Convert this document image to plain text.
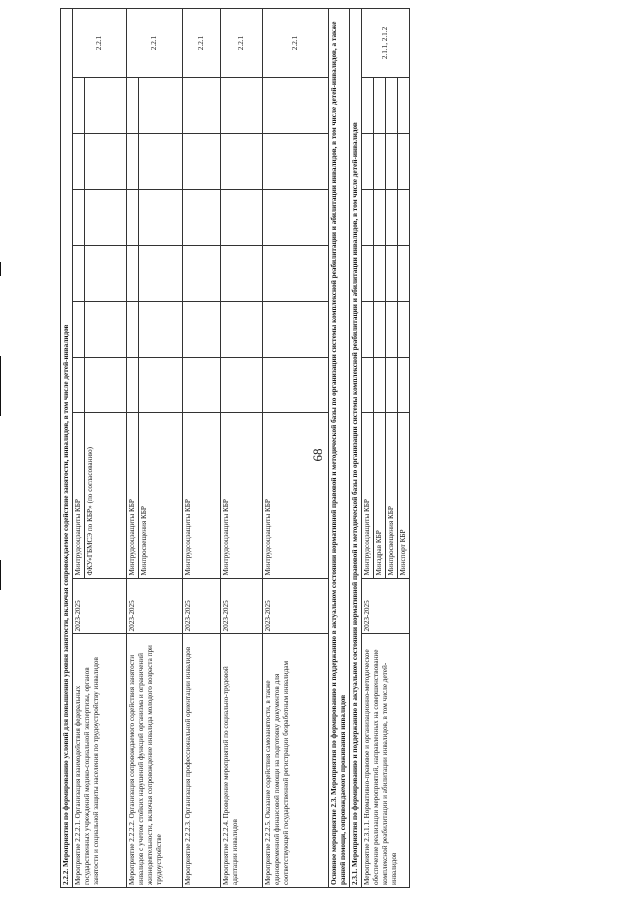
68
2.2.2. Мероприятия по формированию условий для повышения уровня занятости, включая сопровождаемое содействие занятости, инвалидов, в том числе детей-инвалидов									
Мероприятие 2.2.2.1. Организация взаимодействия федеральных государственных учреждений медико-социальной экспертизы, органов занятости и социальной защиты населения по трудоустройству инвалидов	2023-2025	Минтрудсоцзащиты КБР							2.2.1
		ФКУ«ГБМСЭ по КБР» (по согласованию)							
Мероприятие 2.2.2.2. Организация сопровождаемого содействия занятости инвалидов с учетом стойких нарушений функций организма и ограничений жизнедеятельности, включая сопровождение инвалида молодого возраста при трудоустройстве	2023-2025	Минтрудсоцзащиты КБР							2.2.1
		Минпросвещения КБР							
Мероприятие 2.2.2.3. Организация профессиональной ориентации инвалидов	2023-2025	Минтрудсоцзащиты КБР							2.2.1
Мероприятие 2.2.2.4. Проведение мероприятий по социально-трудовой адаптации инвалидов	2023-2025	Минтрудсоцзащиты КБР							2.2.1
Мероприятие 2.2.2.5. Оказание содействия самозанятости, в также единовременной финансовой помощи на подготовку документов для соответствующей государственной регистрации безработным инвалидам	2023-2025	Минтрудсоцзащиты КБР							2.2.1
Основное мероприятие 2.3. Мероприятия по формированию и поддержанию в актуальном состоянии нормативной правовой и методической базы по организации системы комплексной реабилитации и абилитации инвалидов, в том числе детей-инвалидов, а также ранней помощи, сопровождаемого проживания инвалидов									
2.3.1. Мероприятия по формированию и поддержанию в актуальном состоянии нормативной правовой и методической базы по организации системы комплексной реабилитации и абилитации инвалидов, в том числе детей-инвалидов									
Мероприятие 2.3.1.1. Нормативно-правовое и организационно-методическое обеспечение реализации мероприятий, направленных на совершенствование комплексной реабилитации и абилитации инвалидов, в том числе детей-инвалидов	2023-2025	Минтрудсоцзащиты КБР							2.1.1, 2.1.2
		Минздрав КБР							
		Минпросвещения КБР							
		Минспорт КБР							
